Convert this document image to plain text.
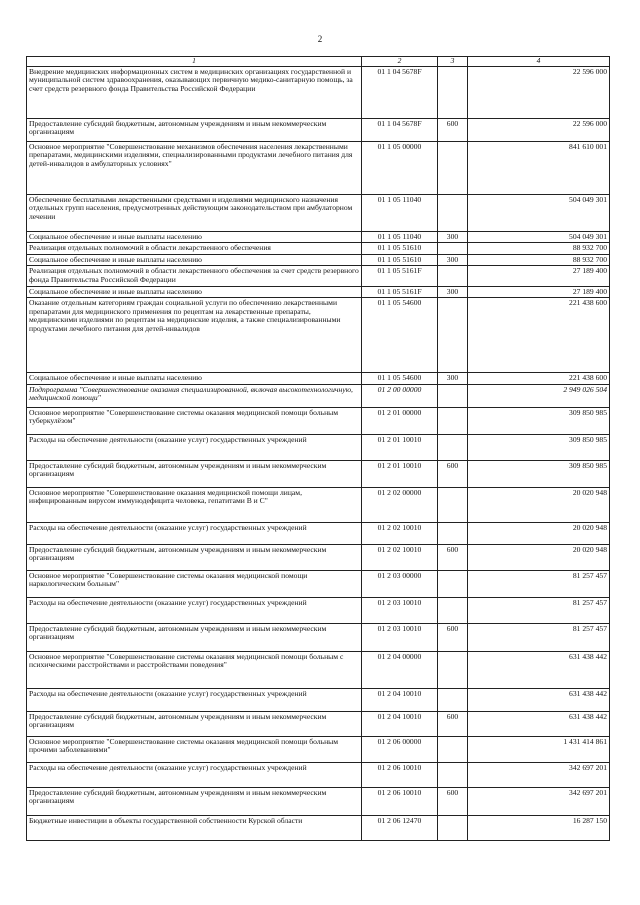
2
1	2	3	4
Внедрение медицинских информационных систем в медицинских организациях государственной и муниципальной систем здравоохранения, оказывающих первичную медико-санитарную помощь, за счет средств резервного фонда Правительства Российской Федерации	01 1 04 5678F		22 596 000
Предоставление субсидий бюджетным, автономным учреждениям и иным некоммерческим организациям	01 1 04 5678F	600	22 596 000
Основное мероприятие "Совершенствование механизмов обеспечения населения лекарственными препаратами, медицинскими изделиями, специализированными продуктами лечебного питания для детей-инвалидов в амбулаторных условиях"	01 1 05 00000		841 610 001
Обеспечение бесплатными лекарственными средствами и изделиями медицинского назначения отдельных групп населения, предусмотренных действующим законодательством при амбулаторном лечении	01 1 05 11040		504 049 301
Социальное обеспечение и иные выплаты населению	01 1 05 11040	300	504 049 301
Реализация отдельных полномочий в области лекарственного обеспечения	01 1 05 51610		88 932 700
Социальное обеспечение и иные выплаты населению	01 1 05 51610	300	88 932 700
Реализация отдельных полномочий в области лекарственного обеспечения за счет средств резервного фонда Правительства Российской Федерации	01 1 05 5161F		27 189 400
Социальное обеспечение и иные выплаты населению	01 1 05 5161F	300	27 189 400
Оказание отдельным категориям граждан социальной услуги по обеспечению лекарственными препаратами для медицинского применения по рецептам на лекарственные препараты, медицинскими изделиями по рецептам на медицинские изделия, а также специализированными продуктами лечебного питания для детей-инвалидов	01 1 05 54600		221 438 600
Социальное обеспечение и иные выплаты населению	01 1 05 54600	300	221 438 600
Подпрограмма "Совершенствование оказания специализированной, включая высокотехнологичную, медицинской помощи"	01 2 00 00000		2 949 026 504
Основное мероприятие "Совершенствование системы оказания медицинской помощи больным туберкулёзом"	01 2 01 00000		309 850 985
Расходы на обеспечение деятельности (оказание услуг) государственных учреждений	01 2 01 10010		309 850 985
Предоставление субсидий бюджетным, автономным учреждениям и иным некоммерческим организациям	01 2 01 10010	600	309 850 985
Основное мероприятие "Совершенствование оказания медицинской помощи лицам, инфицированным вирусом иммунодефицита человека, гепатитами В и С"	01 2 02 00000		20 020 948
Расходы на обеспечение деятельности (оказание услуг) государственных учреждений	01 2 02 10010		20 020 948
Предоставление субсидий бюджетным, автономным учреждениям и иным некоммерческим организациям	01 2 02 10010	600	20 020 948
Основное мероприятие "Совершенствование системы оказания медицинской помощи наркологическим больным"	01 2 03 00000		81 257 457
Расходы на обеспечение деятельности (оказание услуг) государственных учреждений	01 2 03 10010		81 257 457
Предоставление субсидий бюджетным, автономным учреждениям и иным некоммерческим организациям	01 2 03 10010	600	81 257 457
Основное мероприятие "Совершенствование системы оказания медицинской помощи больным с психическими расстройствами и расстройствами поведения"	01 2 04 00000		631 438 442
Расходы на обеспечение деятельности (оказание услуг) государственных учреждений	01 2 04 10010		631 438 442
Предоставление субсидий бюджетным, автономным учреждениям и иным некоммерческим организациям	01 2 04 10010	600	631 438 442
Основное мероприятие "Совершенствование системы оказания медицинской помощи больным прочими заболеваниями"	01 2 06 00000		1 431 414 861
Расходы на обеспечение деятельности (оказание услуг) государственных учреждений	01 2 06 10010		342 697 201
Предоставление субсидий бюджетным, автономным учреждениям и иным некоммерческим организациям	01 2 06 10010	600	342 697 201
Бюджетные инвестиции в объекты государственной собственности Курской области	01 2 06 12470		16 287 150
